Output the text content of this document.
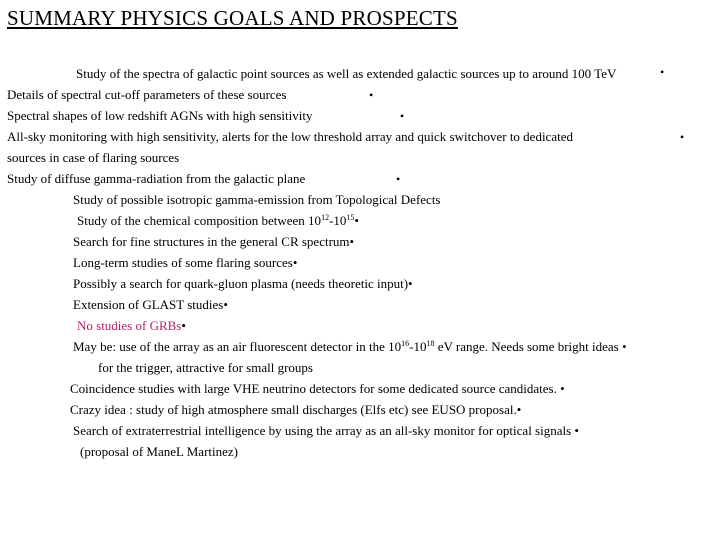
SUMMARY PHYSICS GOALS AND PROSPECTS
Study of the spectra of galactic point sources as well as extended galactic sources up to around 100 TeV	•
Details of spectral cut-off parameters of these sources	•
Spectral shapes of low redshift AGNs with high sensitivity	•
All-sky monitoring with high sensitivity, alerts for the low threshold array and quick switchover to dedicated	•
sources in case of flaring sources
Study of diffuse gamma-radiation from the galactic plane	•
Study of possible isotropic gamma-emission from Topological Defects
Study of the chemical composition between $10^{12}-10^{15}•$
Search for fine structures in the general CR spectrum•
Long-term studies of some flaring sources•
Possibly a search for quark-gluon plasma (needs theoretic input)•
Extension of GLAST studies•
No studies of GRBs•
May be: use of the array as an air fluorescent detector in the $10^{16}-10^{18}$ eV range. Needs some bright ideas •
for the trigger, attractive for small groups
Coincidence studies with large VHE neutrino detectors for some dedicated source candidates. •
Crazy idea : study of high atmosphere small discharges (Elfs etc) see EUSO proposal.•
Search of extraterrestrial intelligence by using the array as an all-sky monitor for optical signals •
(proposal of ManeL Martinez)
